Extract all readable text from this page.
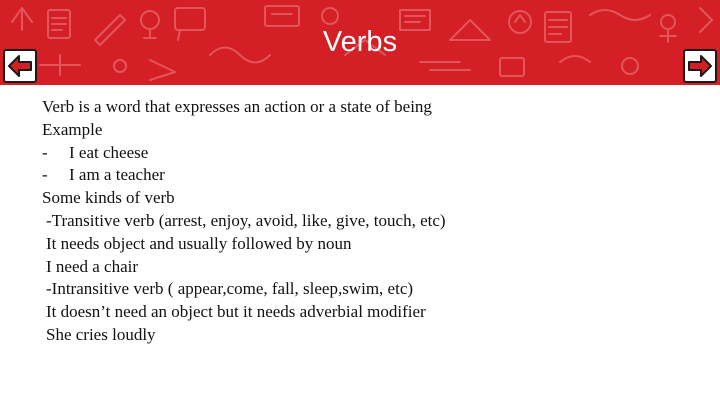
Verbs
Verb is a word that expresses an action or a state of being
Example
- I eat cheese
- I am a teacher
Some kinds of verb
-Transitive verb (arrest, enjoy, avoid, like, give, touch, etc)
It needs object and usually followed by noun
I need a chair
-Intransitive verb ( appear,come, fall, sleep,swim, etc)
It doesn’t need an object but it needs adverbial modifier
She cries loudly
